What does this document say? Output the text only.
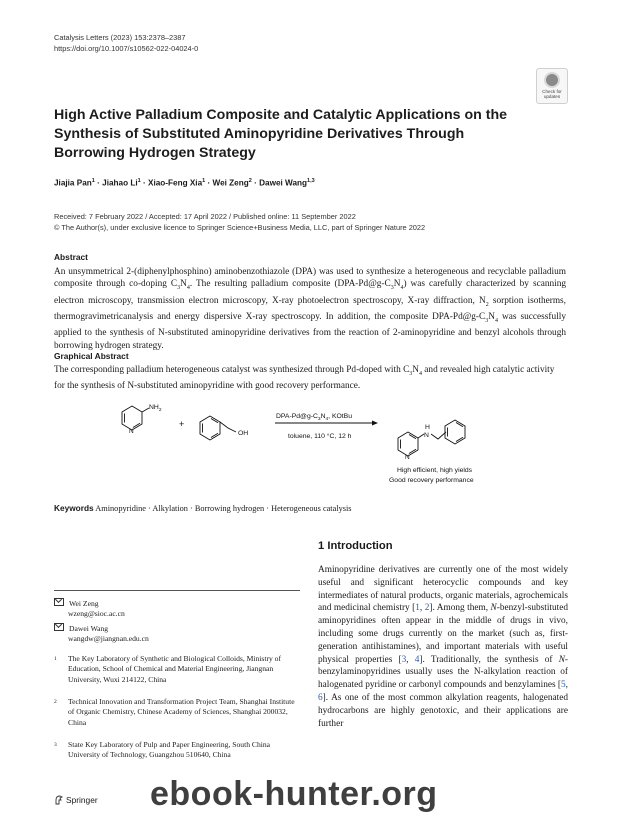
Catalysis Letters (2023) 153:2378–2387
https://doi.org/10.1007/s10562-022-04024-0
Check for updates
High Active Palladium Composite and Catalytic Applications on the Synthesis of Substituted Aminopyridine Derivatives Through Borrowing Hydrogen Strategy
Jiajia Pan$^1$ · Jiahao $Li^1$ · Xiao-Feng Xia$^1$ · Wei Zeng$^2$ · Dawei Wang$^{1,3}$
Received: 7 February 2022 / Accepted: 17 April 2022 / Published online: 11 September 2022
© The Author(s), under exclusive licence to Springer Science+Business Media, LLC, part of Springer Nature 2022
Abstract
An unsymmetrical 2-(diphenylphosphino) aminobenzothiazole (DPA) was used to synthesize a heterogeneous and recyclable palladium composite through co-doping $C_3N_4$. The resulting palladium composite $(DPA-Pd@g-C_3N_4)$ was carefully characterized by scanning electron microscopy, transmission electron microscopy, X-ray photoelectron spectroscopy, X-ray diffraction, $N_2$ sorption isotherms, thermogravimetricanalysis and energy dispersive X-ray spectroscopy. In addition, the composite DPA-$Pd@g-C_3N_4$ was successfully applied to the synthesis of N-substituted aminopyridine derivatives from the reaction of 2-aminopyridine and benzyl alcohols through borrowing hydrogen strategy.
Graphical Abstract
The corresponding palladium heterogeneous catalyst was synthesized through Pd-doped with $C_3N_4$ and revealed high catalytic activity for the synthesis of N-substituted aminopyridine with good recovery performance.
N
$NH_2$
+
OH
DPA-$Pd@g-C_3N_4$, KOtBu
toluene, 110 °C, 12 h
N
N
H
High efficient, high yields
Good recovery performance
Keywords Aminopyridine · Alkylation · Borrowing hydrogen · Heterogeneous catalysis
1 Introduction
Aminopyridine derivatives are currently one of the most widely useful and significant heterocyclic compounds and key intermediates of natural products, organic materials, agrochemicals and medicinal chemistry [1, 2]. Among them, N-benzyl-substituted aminopyridines often appear in the middle of drugs in vivo, including some drugs currently on the market (such as, first-generation antihistamines), and important materials with useful physical properties [3, 4]. Traditionally, the synthesis of N-benzylaminopyridines usually uses the N-alkylation reaction of halogenated pyridine or carbonyl compounds and benzylamines [5, 6]. As one of the most common alkylation reagents, halogenated hydrocarbons are highly genotoxic, and their applications are further
Wei Zeng
wzeng@sioc.ac.cn
Dawei Wang
wangdw@jiangnan.edu.cn
1 The Key Laboratory of Synthetic and Biological Colloids, Ministry of Education, School of Chemical and Material Engineering, Jiangnan University, Wuxi 214122, China
2 Technical Innovation and Transformation Project Team, Shanghai Institute of Organic Chemistry, Chinese Academy of Sciences, Shanghai 200032, China
3 State Key Laboratory of Pulp and Paper Engineering, South China University of Technology, Guangzhou 510640, China
Springer ebook-hunter.org
